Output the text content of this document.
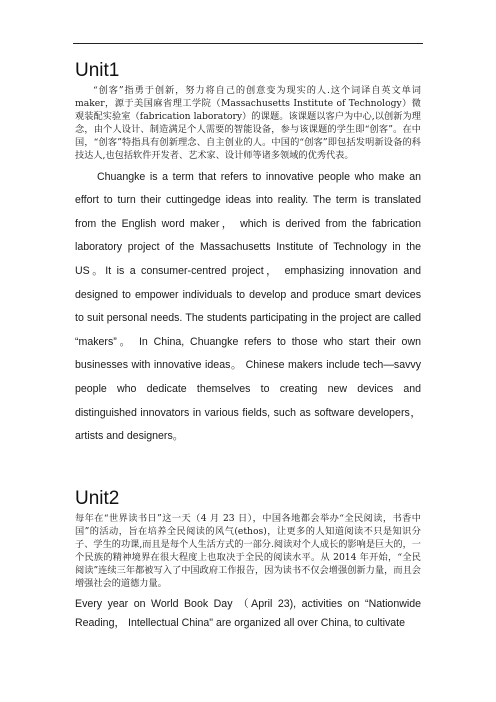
Unit1

“创客”指勇于创新，努力将自己的创意变为现实的人.这个词译自英文单词maker，源于美国麻省理工学院（Massachusetts Institute of Technology）微观装配实验室（fabrication laboratory）的课题。该课题以客户为中心,以创新为理念，由个人设计、制造满足个人需要的智能设备，参与该课题的学生即“创客”。在中国，“创客”特指具有创新理念、自主创业的人。中国的“创客”即包括发明新设备的科技达人,也包括软件开发者、艺术家、设计师等诸多领域的优秀代表。

Chuangke is a term that refers to innovative people who make an effort to turn their cuttingedge ideas into reality. The term is translated from the English word maker， which is derived from the fabrication laboratory project of the Massachusetts Institute of Technology in the US。It is a consumer-centred project， emphasizing innovation and designed to empower individuals to develop and produce smart devices to suit personal needs. The students participating in the project are called “makers”。 In China, Chuangke refers to those who start their own businesses with innovative ideas。 Chinese makers include tech—savvy people who dedicate themselves to creating new devices and distinguished innovators in various fields, such as software developers，artists and designers。

Unit2

每年在“世界读书日”这一天（4 月 23 日），中国各地都会举办“全民阅读，书香中国”的活动，旨在培养全民阅读的风气(ethos)，让更多的人知道阅读不只是知识分子、学生的功课,而且是每个人生活方式的一部分.阅读对个人成长的影响是巨大的，一个民族的精神境界在很大程度上也取决于全民的阅读水平。从 2014 年开始，“全民阅读”连续三年都被写入了中国政府工作报告，因为读书不仅会增强创新力量，而且会增强社会的道德力量。

Every year on World Book Day （April 23), activities on “Nationwide Reading， Intellectual China" are organized all over China, to cultivate
